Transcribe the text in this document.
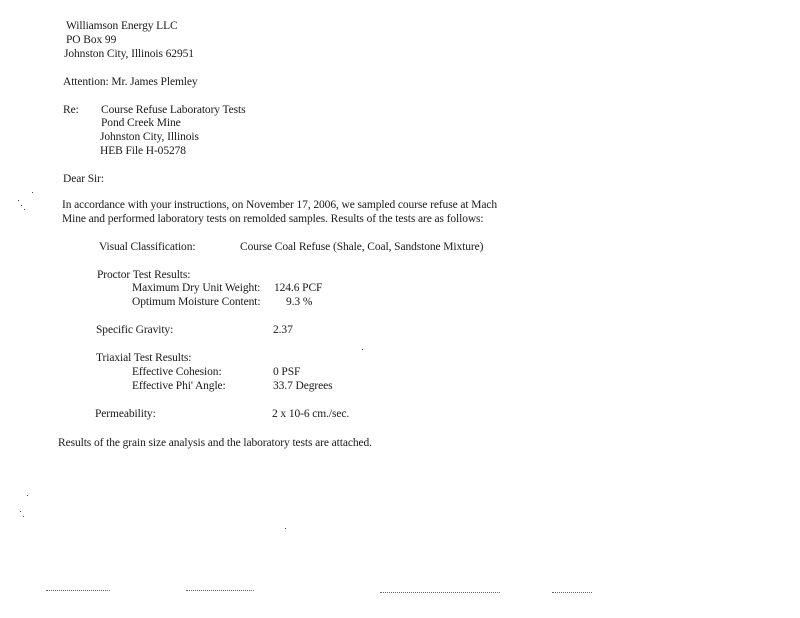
Williamson Energy LLC
PO Box 99
Johnston City, Illinois 62951
Attention: Mr. James Plemley
Re: Course Refuse Laboratory Tests
Pond Creek Mine
Johnston City, Illinois
HEB File H-05278
Dear Sir:
In accordance with your instructions, on November 17, 2006, we sampled course refuse at Mach
Mine and performed laboratory tests on remolded samples. Results of the tests are as follows:
Visual Classification:	Course Coal Refuse (Shale, Coal, Sandstone Mixture)
Proctor Test Results:
Maximum Dry Unit Weight: 124.6 PCF
Optimum Moisture Content: 9.3 %
Specific Gravity:	2.37
Triaxial Test Results:
Effective Cohesion:	0 PSF
Effective Phi' Angle:	33.7 Degrees
Permeability:	2 x 10-6 cm./sec.
Results of the grain size analysis and the laboratory tests are attached.
